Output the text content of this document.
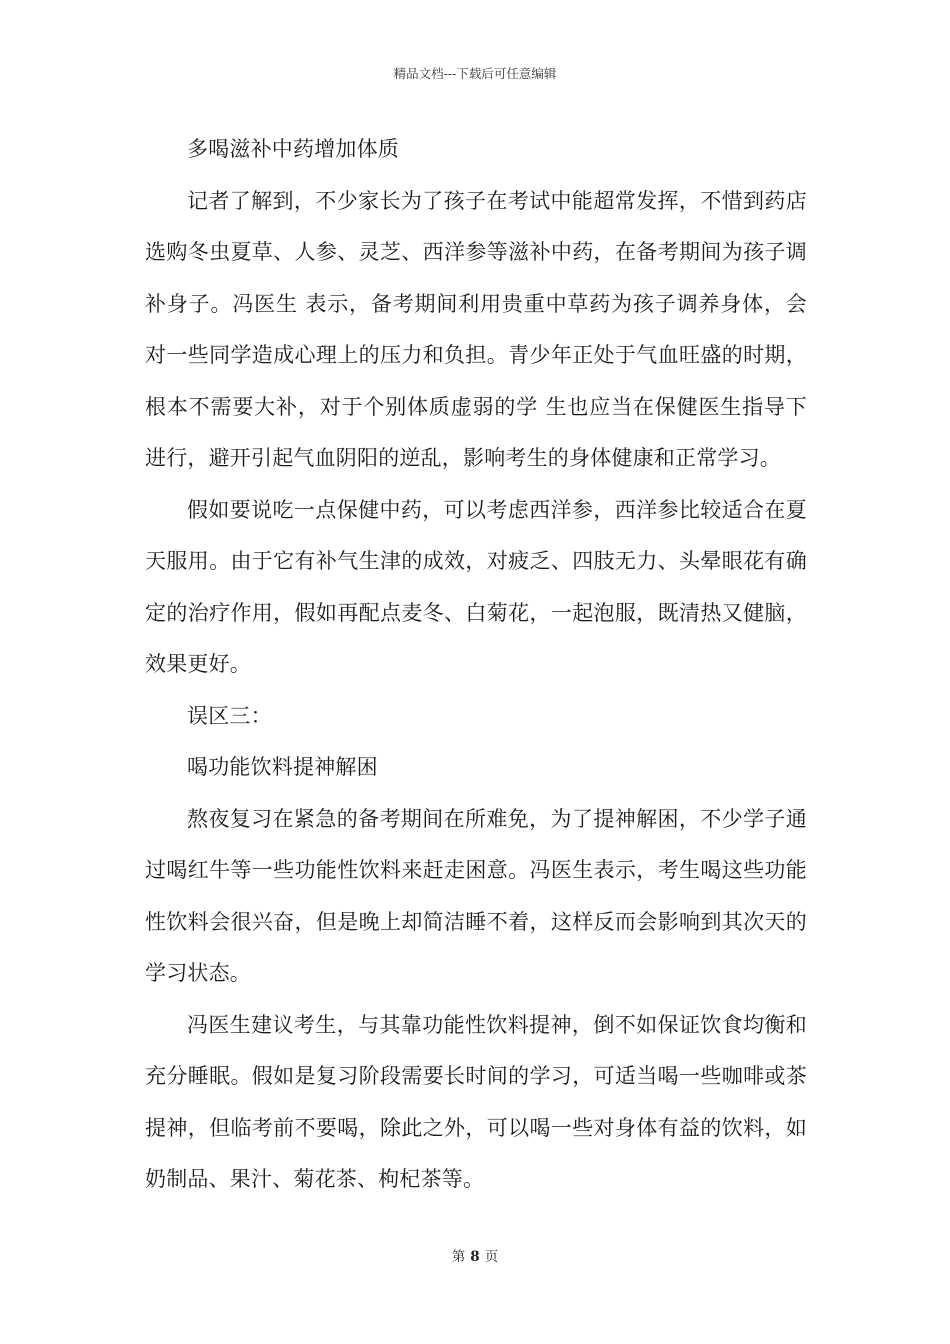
精品文档---下载后可任意编辑

多喝滋补中药增加体质

记者了解到，不少家长为了孩子在考试中能超常发挥，不惜到药店选购冬虫夏草、人参、灵芝、西洋参等滋补中药，在备考期间为孩子调补身子。冯医生 表示，备考期间利用贵重中草药为孩子调养身体，会对一些同学造成心理上的压力和负担。青少年正处于气血旺盛的时期，根本不需要大补，对于个别体质虚弱的学 生也应当在保健医生指导下进行，避开引起气血阴阳的逆乱，影响考生的身体健康和正常学习。

假如要说吃一点保健中药，可以考虑西洋参，西洋参比较适合在夏天服用。由于它有补气生津的成效，对疲乏、四肢无力、头晕眼花有确定的治疗作用，假如再配点麦冬、白菊花，一起泡服，既清热又健脑，效果更好。

误区三：

喝功能饮料提神解困

熬夜复习在紧急的备考期间在所难免，为了提神解困，不少学子通过喝红牛等一些功能性饮料来赶走困意。冯医生表示，考生喝这些功能性饮料会很兴奋，但是晚上却简洁睡不着，这样反而会影响到其次天的学习状态。

冯医生建议考生，与其靠功能性饮料提神，倒不如保证饮食均衡和充分睡眠。假如是复习阶段需要长时间的学习，可适当喝一些咖啡或茶提神，但临考前不要喝，除此之外，可以喝一些对身体有益的饮料，如奶制品、果汁、菊花茶、枸杞茶等。

第 8 页
